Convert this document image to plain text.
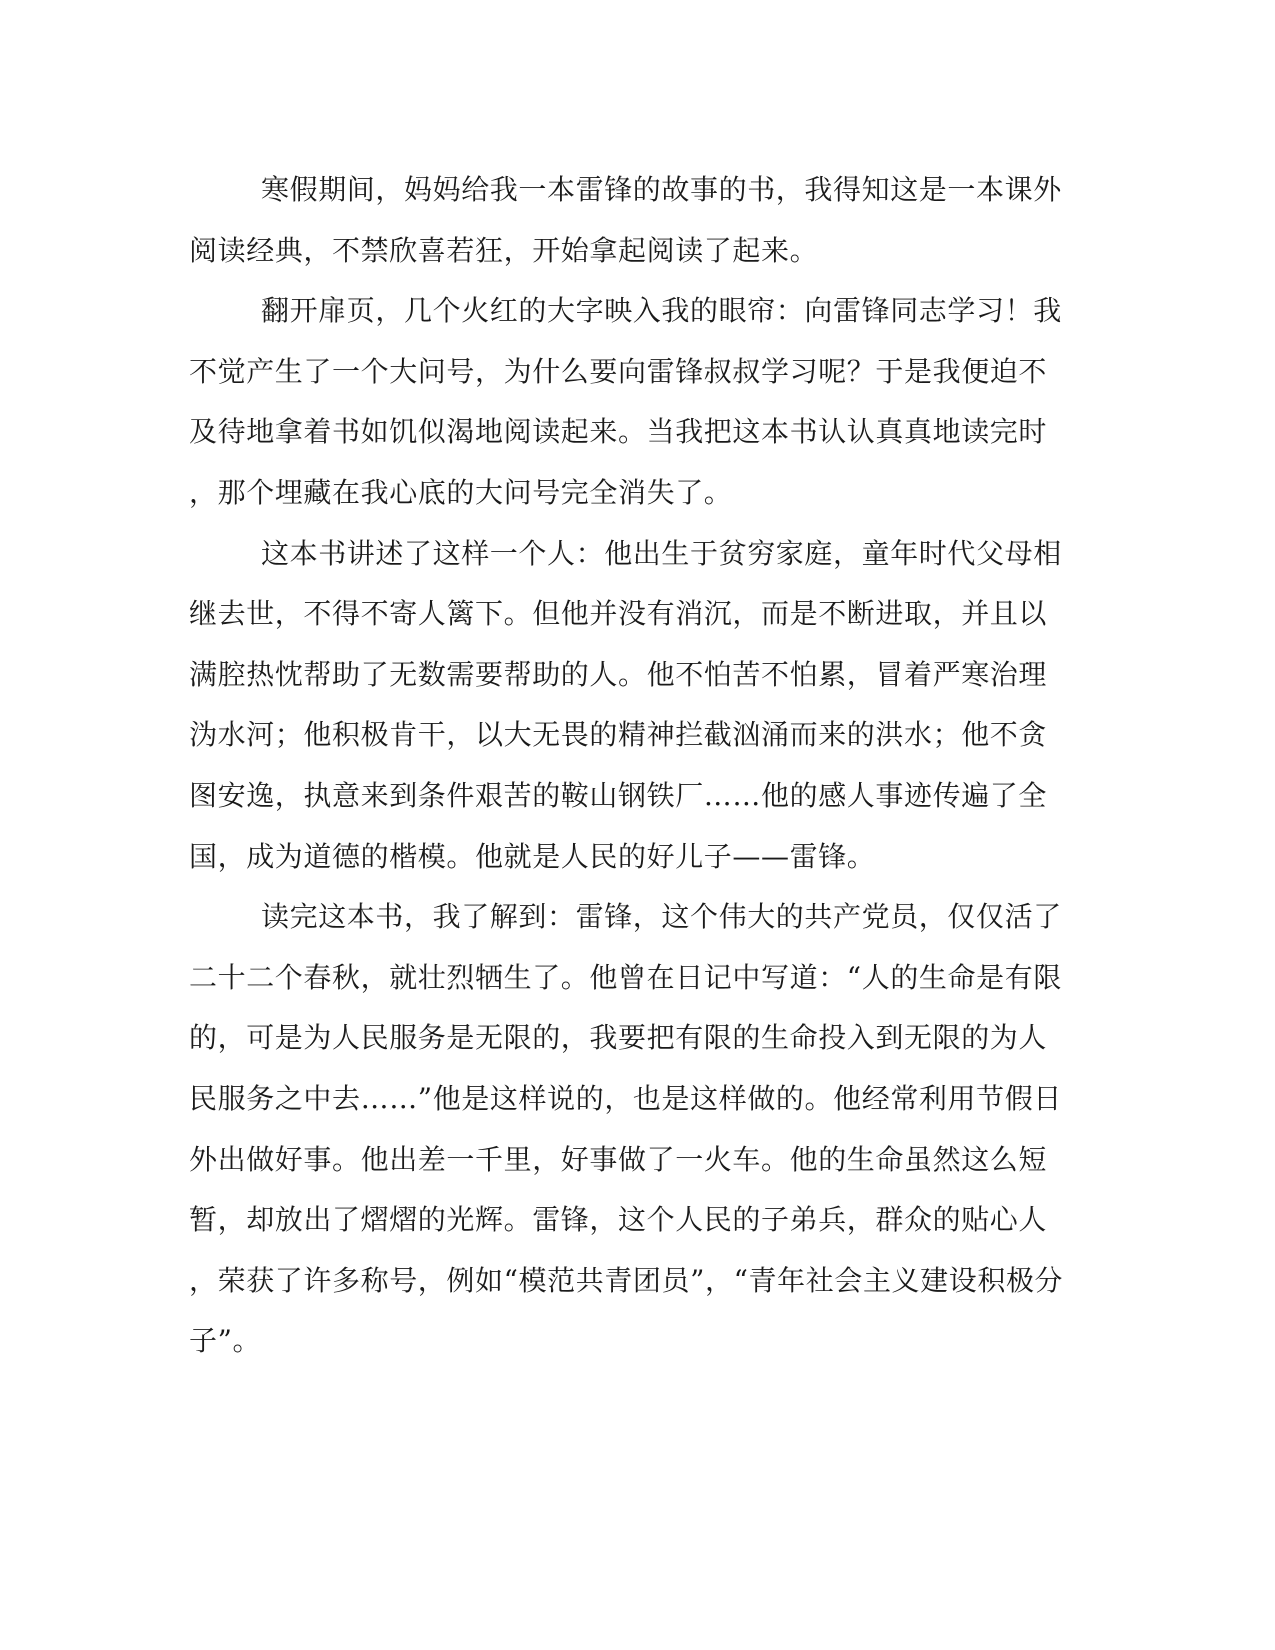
寒假期间，妈妈给我一本雷锋的故事的书，我得知这是一本课外
阅读经典，不禁欣喜若狂，开始拿起阅读了起来。
翻开扉页，几个火红的大字映入我的眼帘：向雷锋同志学习！我
不觉产生了一个大问号，为什么要向雷锋叔叔学习呢？于是我便迫不
及待地拿着书如饥似渴地阅读起来。当我把这本书认认真真地读完时
，那个埋藏在我心底的大问号完全消失了。
这本书讲述了这样一个人：他出生于贫穷家庭，童年时代父母相
继去世，不得不寄人篱下。但他并没有消沉，而是不断进取，并且以
满腔热忱帮助了无数需要帮助的人。他不怕苦不怕累，冒着严寒治理
沩水河；他积极肯干，以大无畏的精神拦截汹涌而来的洪水；他不贪
图安逸，执意来到条件艰苦的鞍山钢铁厂……他的感人事迹传遍了全
国，成为道德的楷模。他就是人民的好儿子——雷锋。
读完这本书，我了解到：雷锋，这个伟大的共产党员，仅仅活了
二十二个春秋，就壮烈牺生了。他曾在日记中写道：“人的生命是有限
的，可是为人民服务是无限的，我要把有限的生命投入到无限的为人
民服务之中去……”他是这样说的，也是这样做的。他经常利用节假日
外出做好事。他出差一千里，好事做了一火车。他的生命虽然这么短
暂，却放出了熠熠的光辉。雷锋，这个人民的子弟兵，群众的贴心人
，荣获了许多称号，例如“模范共青团员”，“青年社会主义建设积极分
子”。
